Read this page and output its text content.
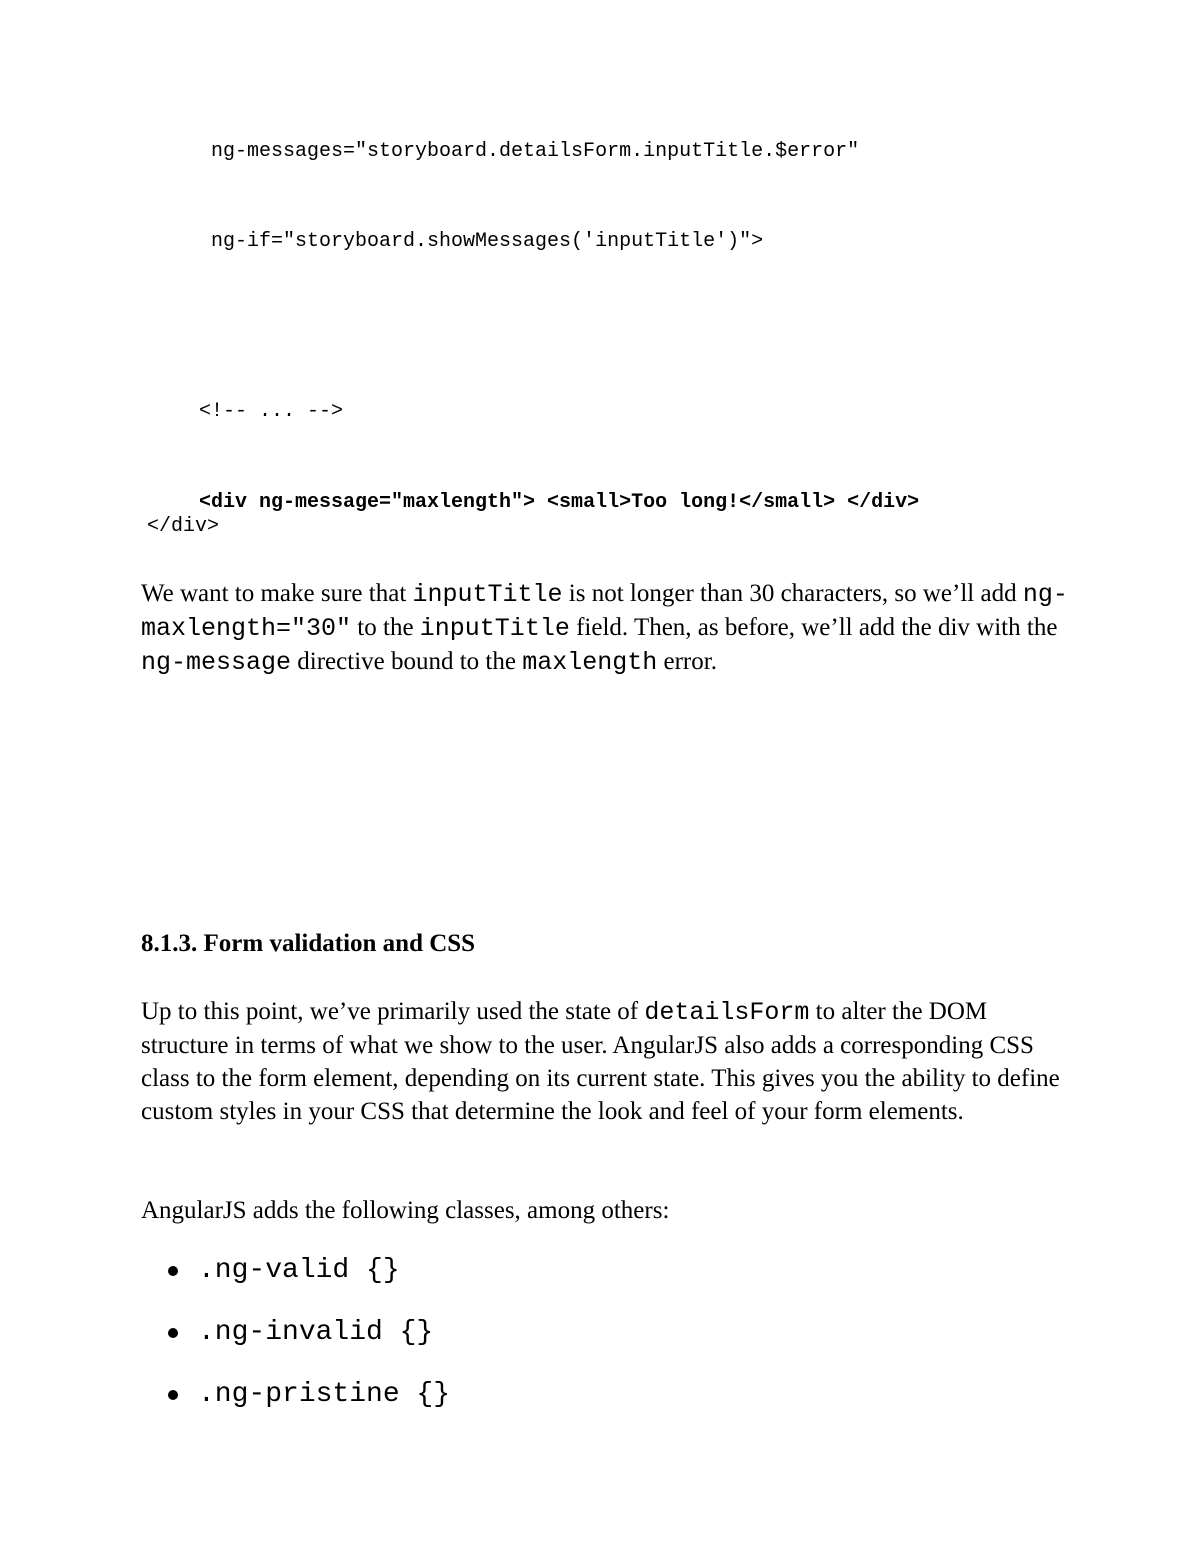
ng-messages="storyboard.detailsForm.inputTitle.$error"
ng-if="storyboard.showMessages('inputTitle')">
<!-- ... -->
<div ng-message="maxlength"> <small>Too long!</small> </div>
</div>

We want to make sure that inputTitle is not longer than 30 characters, so we’ll add ng-maxlength="30" to the inputTitle field. Then, as before, we’ll add the div with the ng-message directive bound to the maxlength error.

8.1.3. Form validation and CSS

Up to this point, we’ve primarily used the state of detailsForm to alter the DOM structure in terms of what we show to the user. AngularJS also adds a corresponding CSS class to the form element, depending on its current state. This gives you the ability to define custom styles in your CSS that determine the look and feel of your form elements.

AngularJS adds the following classes, among others:

.ng-valid {}

.ng-invalid {}

.ng-pristine {}
